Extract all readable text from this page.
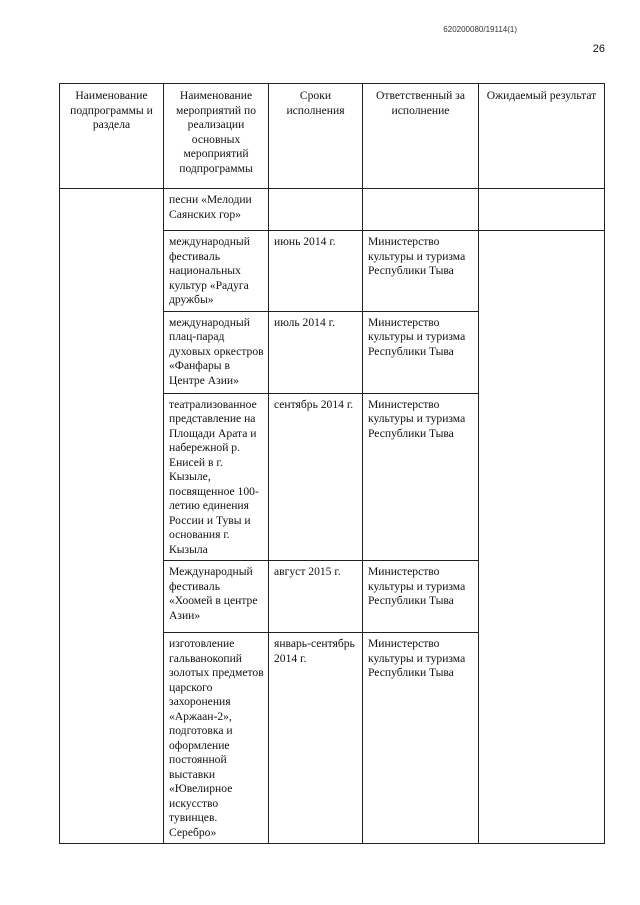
620200080/19114(1)
26
Наименование подпрограммы и раздела	Наименование мероприятий по реализации основных мероприятий подпрограммы	Сроки исполнения	Ответственный за исполнение	Ожидаемый результат
	песни «Мелодии Саянских гор»			
	международный фестиваль национальных культур «Радуга дружбы»	июнь 2014 г.	Министерство культуры и туризма Республики Тыва	
	международный плац-парад духовых оркестров «Фанфары в Центре Азии»	июль 2014 г.	Министерство культуры и туризма Республики Тыва	
	театрализованное представление на Площади Арата и набережной р. Енисей в г. Кызыле, посвященное 100-летию единения России и Тувы и основания г. Кызыла	сентябрь 2014 г.	Министерство культуры и туризма Республики Тыва	
	Международный фестиваль «Хоомей в центре Азии»	август 2015 г.	Министерство культуры и туризма Республики Тыва	
	изготовление гальванокопий золотых предметов царского захоронения «Аржаан-2», подготовка и оформление постоянной выставки «Ювелирное искусство тувинцев. Серебро»	январь-сентябрь 2014 г.	Министерство культуры и туризма Республики Тыва	
